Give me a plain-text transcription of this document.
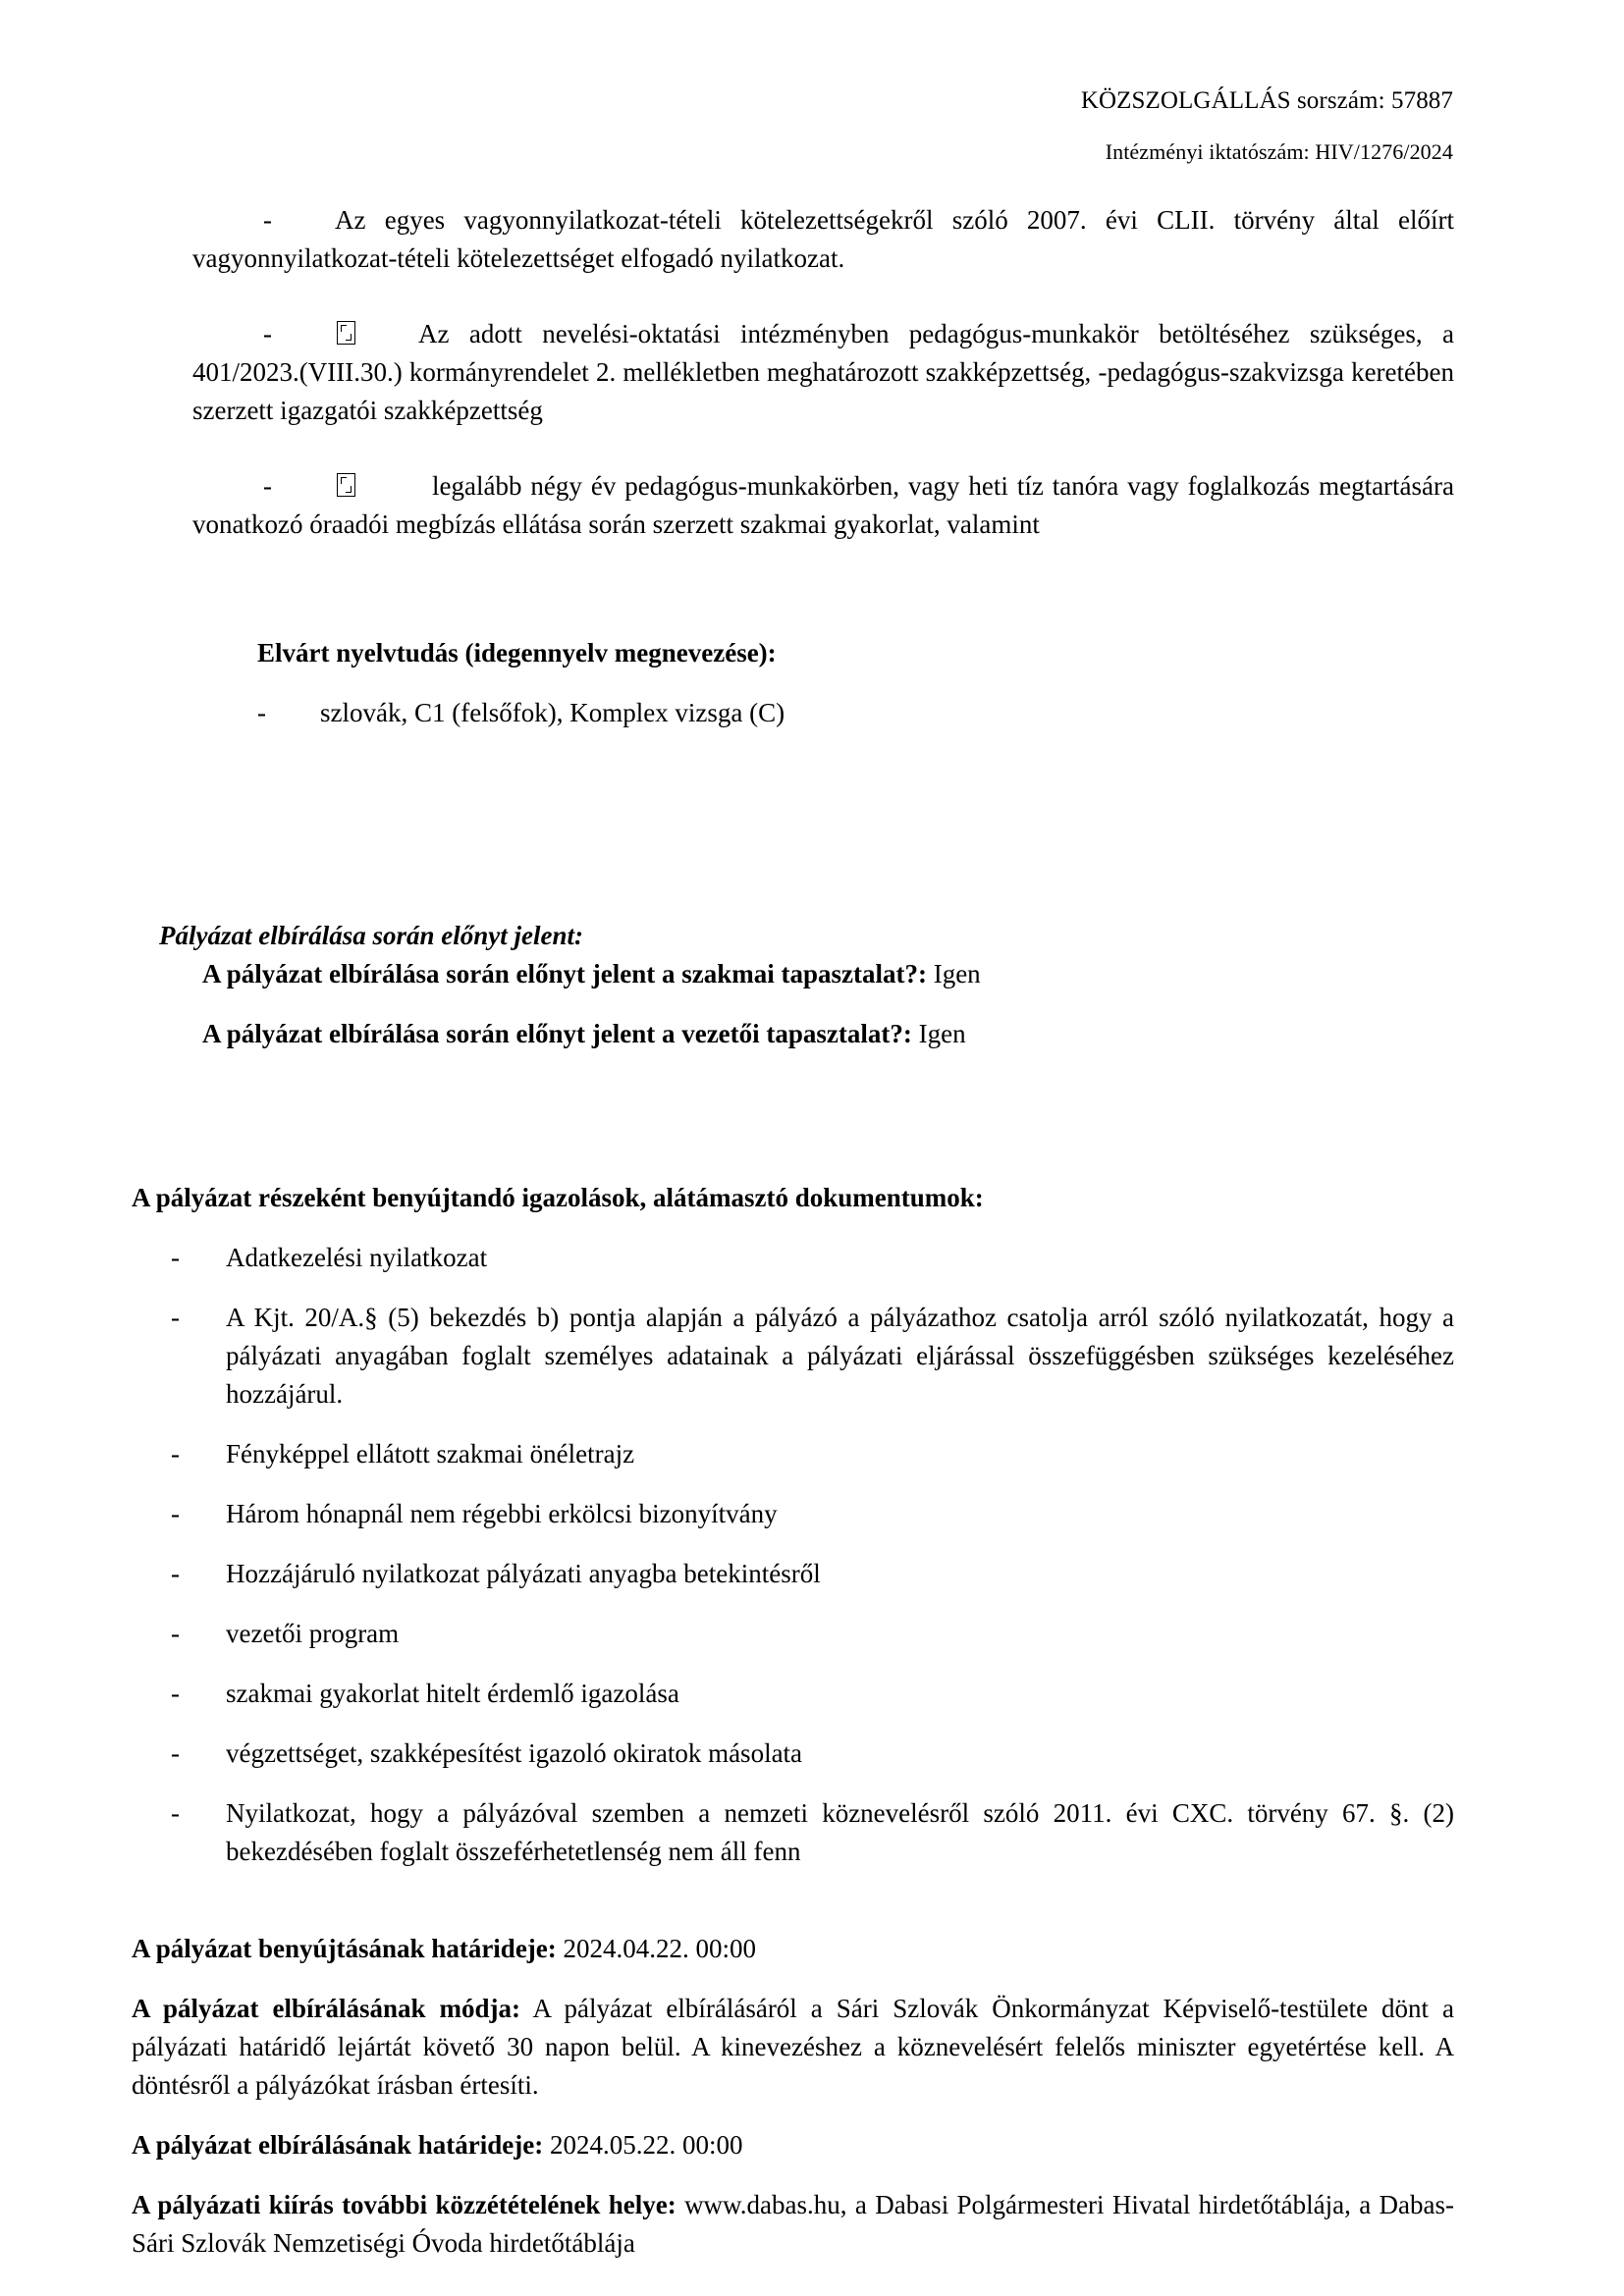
KÖZSZOLGÁLLÁS sorszám: 57887
Intézményi iktatószám: HIV/1276/2024

- Az egyes vagyonnyilatkozat-tételi kötelezettségekről szóló 2007. évi CLII. törvény által előírt vagyonnyilatkozat-tételi kötelezettséget elfogadó nyilatkozat.

-	Az adott nevelési-oktatási intézményben pedagógus-munkakör betöltéséhez szükséges, a 401/2023.(VIII.30.) kormányrendelet 2. mellékletben meghatározott szakképzettség, -pedagógus-szakvizsga keretében szerzett igazgatói szakképzettség

-	legalább négy év pedagógus-munkakörben, vagy heti tíz tanóra vagy foglalkozás megtartására vonatkozó óraadói megbízás ellátása során szerzett szakmai gyakorlat, valamint

Elvárt nyelvtudás (idegennyelv megnevezése):

- szlovák, C1 (felsőfok), Komplex vizsga (C)

Pályázat elbírálása során előnyt jelent:

A pályázat elbírálása során előnyt jelent a szakmai tapasztalat?: Igen

A pályázat elbírálása során előnyt jelent a vezetői tapasztalat?: Igen

A pályázat részeként benyújtandó igazolások, alátámasztó dokumentumok:

- Adatkezelési nyilatkozat
- A Kjt. 20/A.§ (5) bekezdés b) pontja alapján a pályázó a pályázathoz csatolja arról szóló nyilatkozatát, hogy a pályázati anyagában foglalt személyes adatainak a pályázati eljárással összefüggésben szükséges kezeléséhez hozzájárul.
- Fényképpel ellátott szakmai önéletrajz
- Három hónapnál nem régebbi erkölcsi bizonyítvány
- Hozzájáruló nyilatkozat pályázati anyagba betekintésről
- vezetői program
- szakmai gyakorlat hitelt érdemlő igazolása
- végzettséget, szakképesítést igazoló okiratok másolata
- Nyilatkozat, hogy a pályázóval szemben a nemzeti köznevelésről szóló 2011. évi CXC. törvény 67. §. (2) bekezdésében foglalt összeférhetetlenség nem áll fenn

A pályázat benyújtásának határideje: 2024.04.22. 00:00

A pályázat elbírálásának módja: A pályázat elbírálásáról a Sári Szlovák Önkormányzat Képviselő-testülete dönt a pályázati határidő lejártát követő 30 napon belül. A kinevezéshez a köznevelésért felelős miniszter egyetértése kell. A döntésről a pályázókat írásban értesíti.

A pályázat elbírálásának határideje: 2024.05.22. 00:00

A pályázati kiírás további közzétételének helye: www.dabas.hu, a Dabasi Polgármesteri Hivatal hirdetőtáblája, a Dabas-Sári Szlovák Nemzetiségi Óvoda hirdetőtáblája
